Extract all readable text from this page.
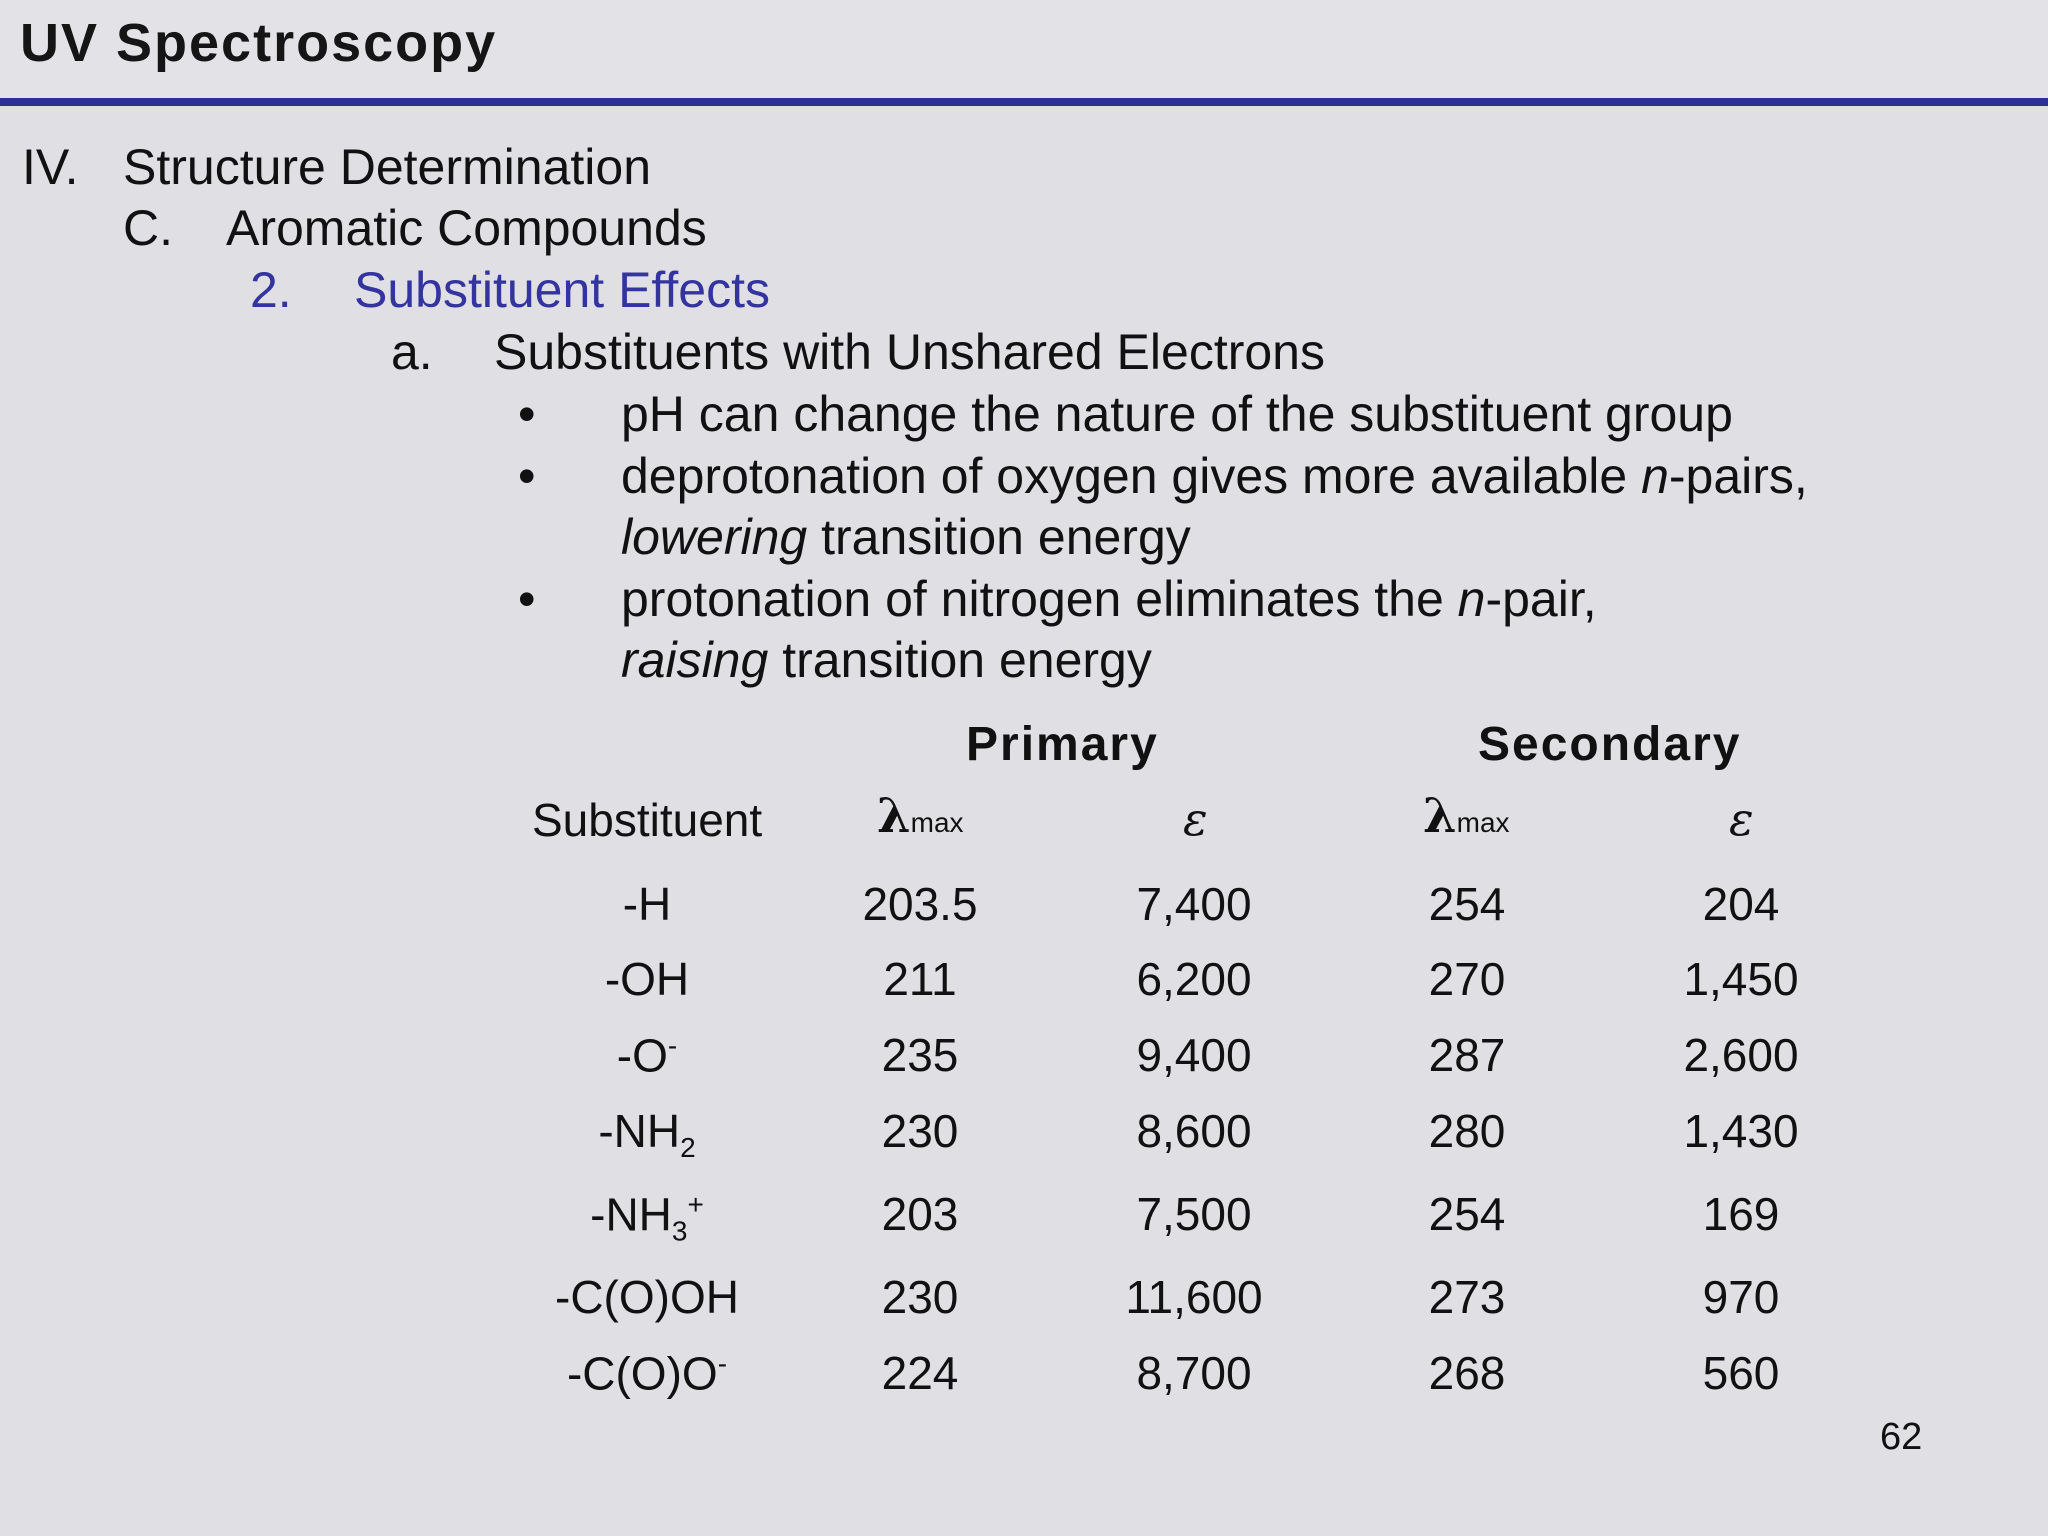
UV Spectroscopy
IV. Structure Determination
C. Aromatic Compounds
2. Substituent Effects
a. Substituents with Unshared Electrons
• pH can change the nature of the substituent group
• deprotonation of oxygen gives more available n-pairs,
lowering transition energy
• protonation of nitrogen eliminates the n-pair,
raising transition energy
Primary	Secondary
Substituent λmax	ε	λmax	ε
-H	203.5	7,400	254	204
-OH	211	6,200	270	1,450
-O-	235	9,400	287	2,600
$-NH_2$	230	8,600	280	1,430
$-NH_3^+$	203	7,500	254	169
-C(O)OH	230	11,600	273	970
-C(O)O-	224	8,700	268	560
62
